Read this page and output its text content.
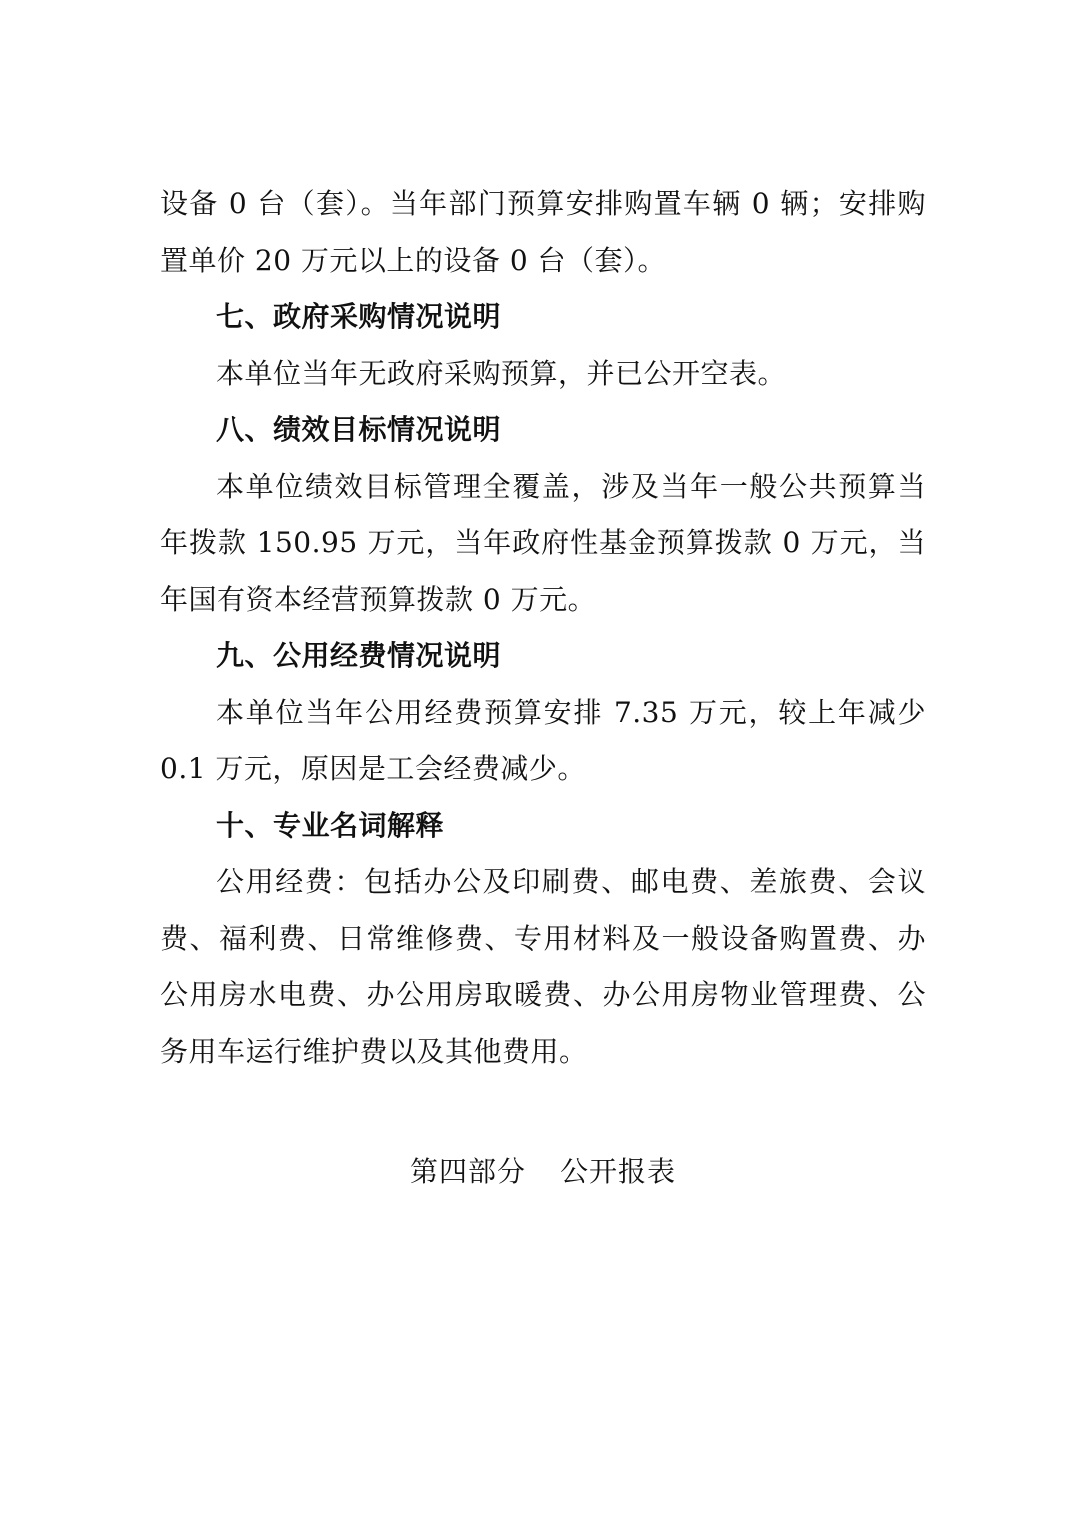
设备 0 台（套）。当年部门预算安排购置车辆 0 辆；安排购置单价 20 万元以上的设备 0 台（套）。

七、政府采购情况说明

本单位当年无政府采购预算，并已公开空表。

八、绩效目标情况说明

本单位绩效目标管理全覆盖，涉及当年一般公共预算当年拨款 150.95 万元，当年政府性基金预算拨款 0 万元，当年国有资本经营预算拨款 0 万元。

九、公用经费情况说明

本单位当年公用经费预算安排 7.35 万元，较上年减少 0.1 万元，原因是工会经费减少。

十、专业名词解释

公用经费：包括办公及印刷费、邮电费、差旅费、会议费、福利费、日常维修费、专用材料及一般设备购置费、办公用房水电费、办公用房取暖费、办公用房物业管理费、公务用车运行维护费以及其他费用。

第四部分 公开报表
